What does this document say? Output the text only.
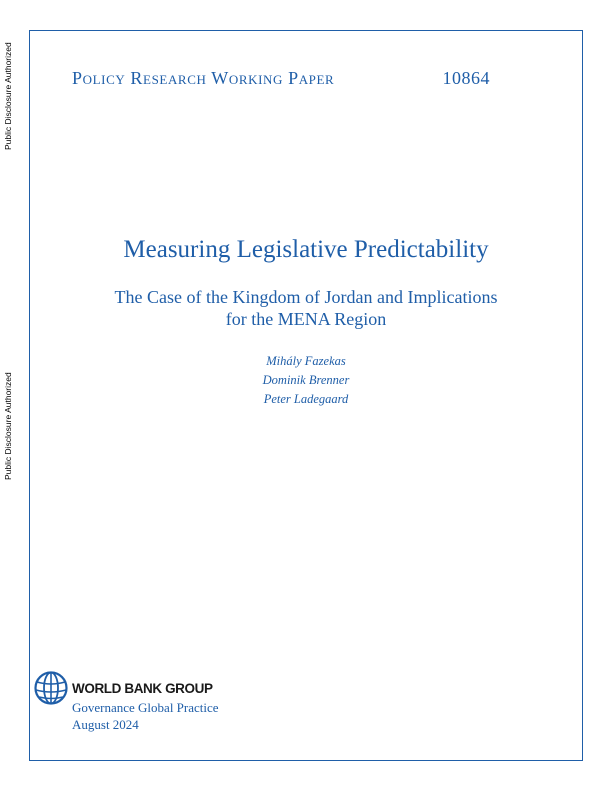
Public Disclosure Authorized
Public Disclosure Authorized
Policy Research Working Paper	10864
Measuring Legislative Predictability
The Case of the Kingdom of Jordan and Implications
for the MENA Region
Mihály Fazekas
Dominik Brenner
Peter Ladegaard
WORLD BANK GROUP
Governance Global Practice
August 2024
